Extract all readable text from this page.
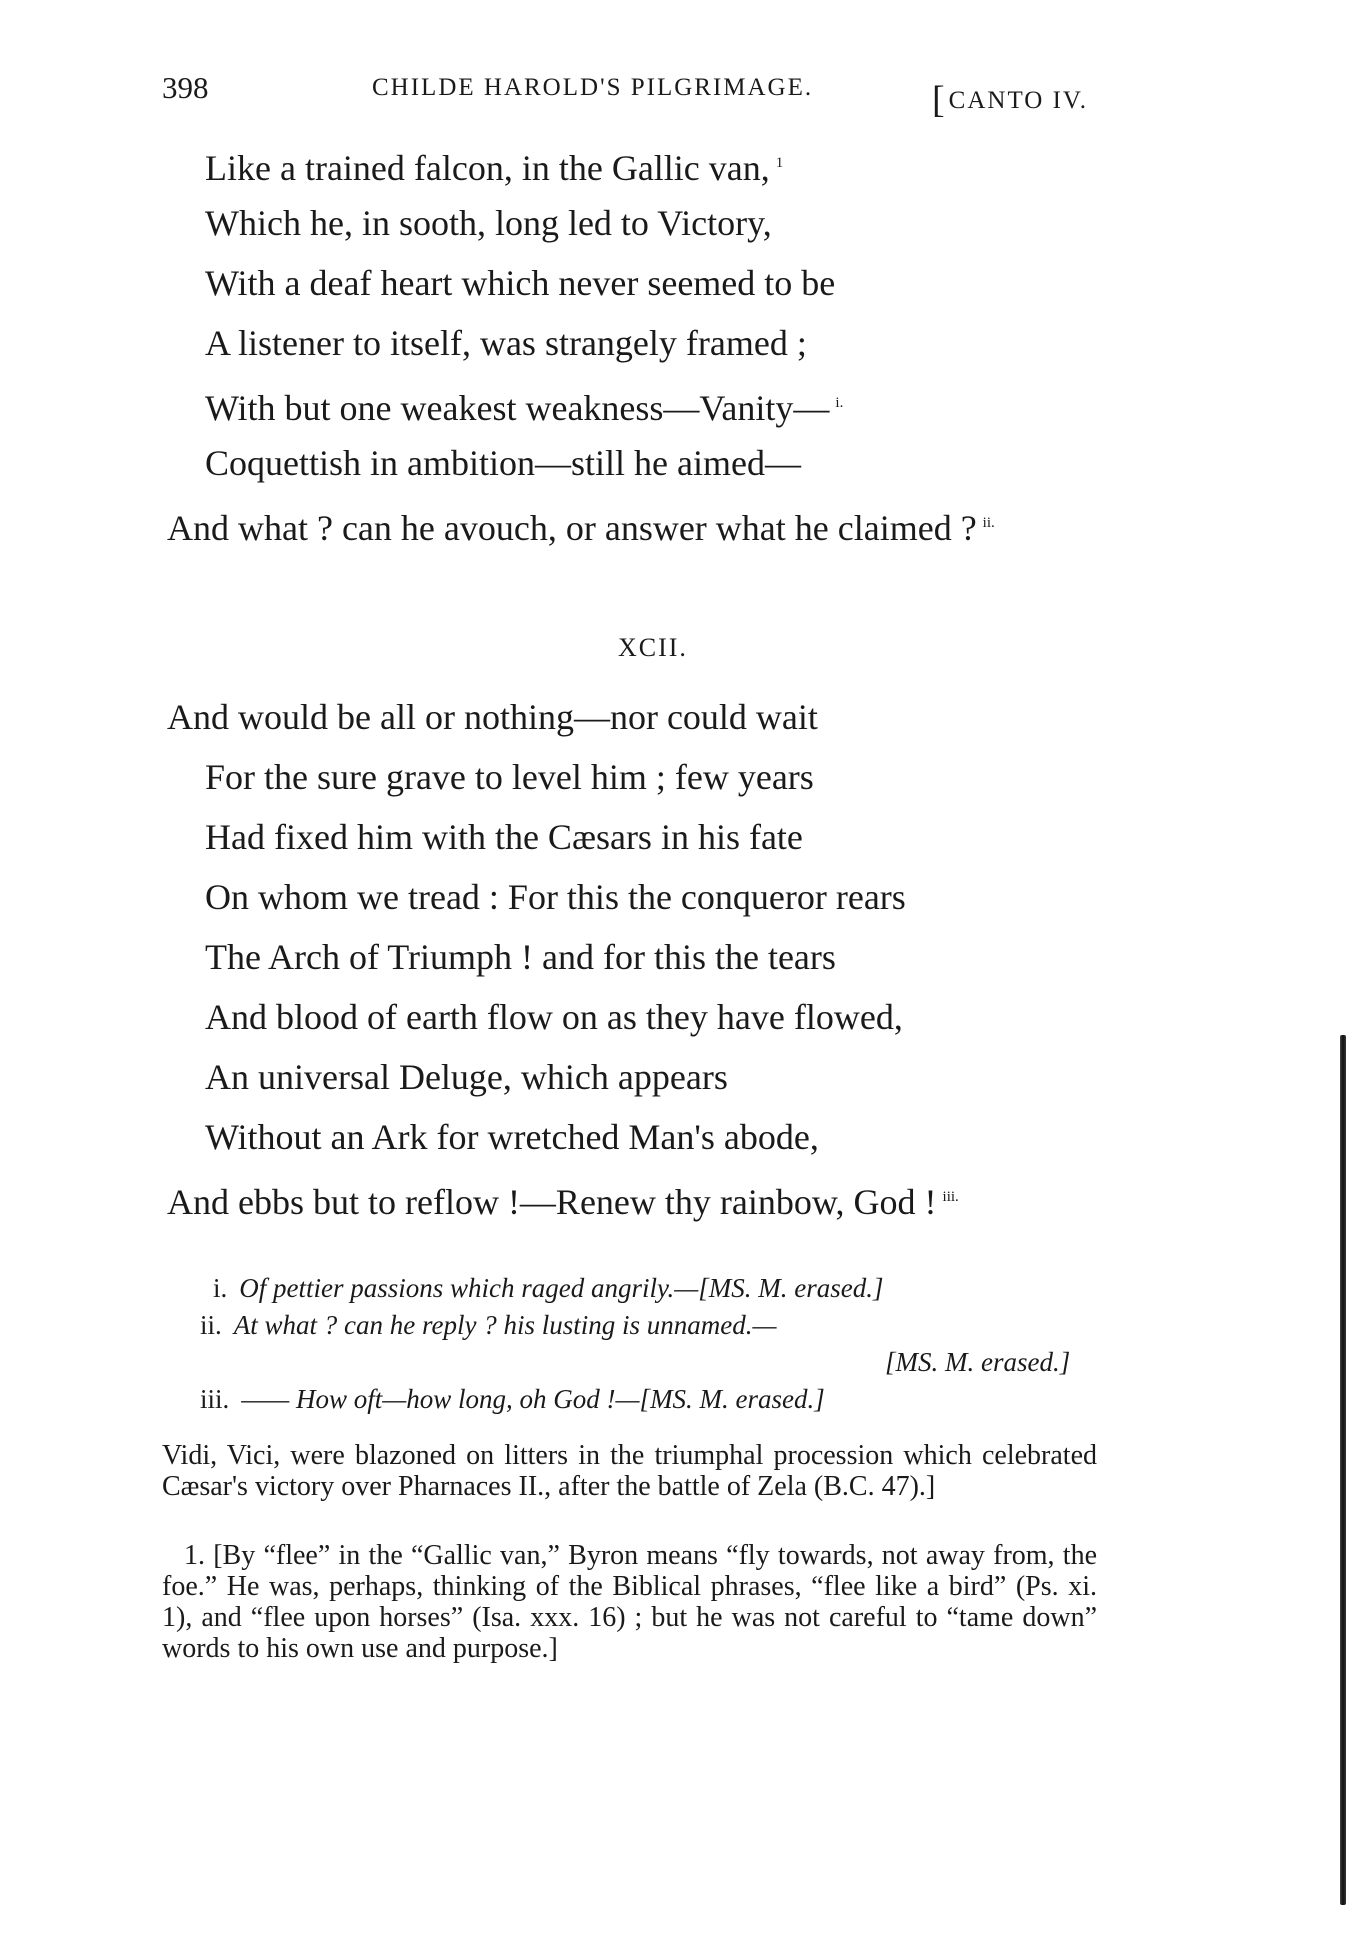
398	CHILDE HAROLD'S PILGRIMAGE.
[	CANTO IV.
Like a trained falcon, in the Gallic van, $^1$
Which he, in sooth, long led to Victory,
With a deaf heart which never seemed to be
A listener to itself, was strangely framed ;
With but one weakest weakness—Vanity— $^{i.}$
Coquettish in ambition—still he aimed—
And what ? can he avouch, or answer what he claimed ? $^{ii.}$
XCII.
And would be all or nothing—nor could wait
For the sure grave to level him ; few years
Had fixed him with the Cæsars in his fate
On whom we tread : For this the conqueror rears
The Arch of Triumph ! and for this the tears
And blood of earth flow on as they have flowed,
An universal Deluge, which appears
Without an Ark for wretched Man's abode,
And ebbs but to reflow !—Renew thy rainbow, God ! $^{iii.}$
i. Of pettier passions which raged angrily.—[MS. M. erased.]
ii. At what ? can he reply ? his lusting is unnamed.—
[MS. M. erased.]
iii. —— How oft—how long, oh God !—[MS. M. erased.]
Vidi, Vici, were blazoned on litters in the triumphal procession which celebrated Cæsar's victory over Pharnaces II., after the battle of Zela (B.C. 47).]
1. [By “flee” in the “Gallic van,” Byron means “fly towards, not away from, the foe.” He was, perhaps, thinking of the Biblical phrases, “flee like a bird” (Ps. xi. 1), and “flee upon horses” (Isa. xxx. 16) ; but he was not careful to “tame down” words to his own use and purpose.]
